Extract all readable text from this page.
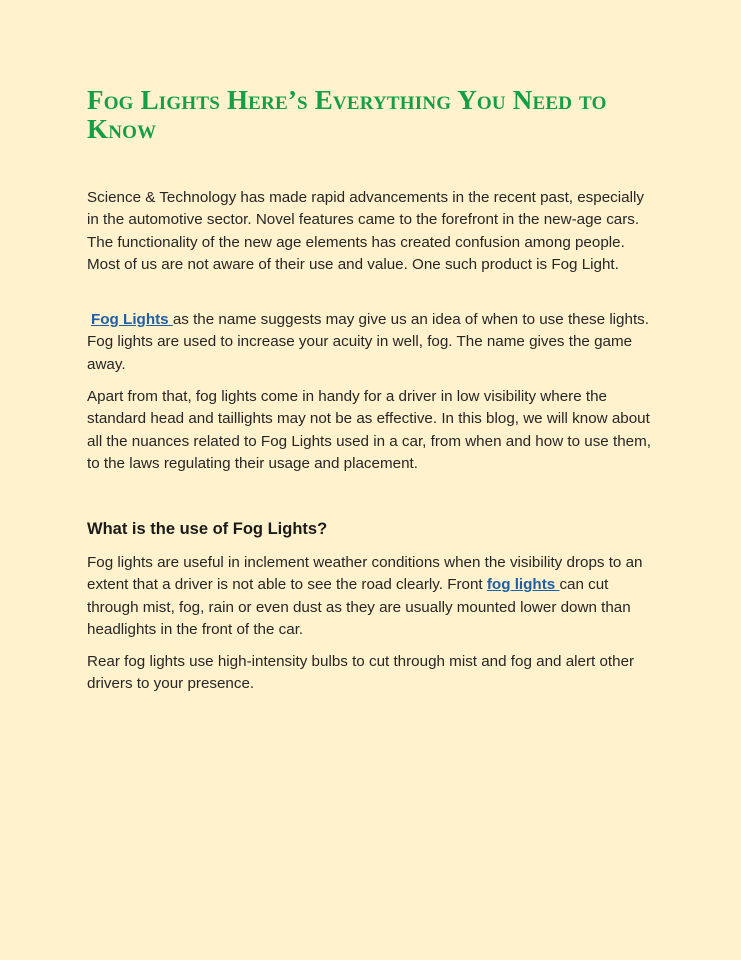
Fog Lights Here’s Everything You Need to Know

Science & Technology has made rapid advancements in the recent past, especially in the automotive sector. Novel features came to the forefront in the new-age cars. The functionality of the new age elements has created confusion among people. Most of us are not aware of their use and value. One such product is Fog Light.

Fog Lights as the name suggests may give us an idea of when to use these lights. Fog lights are used to increase your acuity in well, fog. The name gives the game away.

Apart from that, fog lights come in handy for a driver in low visibility where the standard head and taillights may not be as effective. In this blog, we will know about all the nuances related to Fog Lights used in a car, from when and how to use them, to the laws regulating their usage and placement.

What is the use of Fog Lights?

Fog lights are useful in inclement weather conditions when the visibility drops to an extent that a driver is not able to see the road clearly. Front fog lights can cut through mist, fog, rain or even dust as they are usually mounted lower down than headlights in the front of the car.

Rear fog lights use high-intensity bulbs to cut through mist and fog and alert other drivers to your presence.
